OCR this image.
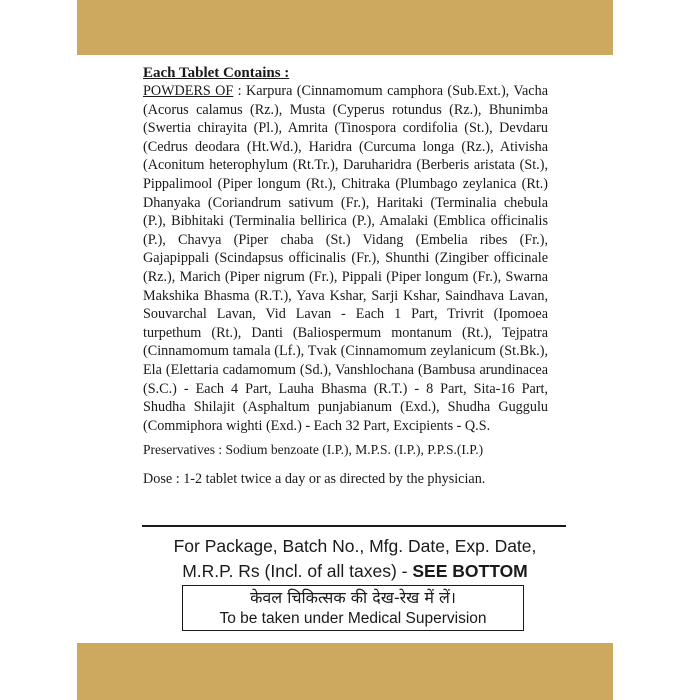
Each Tablet Contains :

POWDERS OF : Karpura (Cinnamomum camphora (Sub.Ext.), Vacha (Acorus calamus (Rz.), Musta (Cyperus rotundus (Rz.), Bhunimba (Swertia chirayita (Pl.), Amrita (Tinospora cordifolia (St.), Devdaru (Cedrus deodara (Ht.Wd.), Haridra (Curcuma longa (Rz.), Ativisha (Aconitum heterophylum (Rt.Tr.), Daruharidra (Berberis aristata (St.), Pippalimool (Piper longum (Rt.), Chitraka (Plumbago zeylanica (Rt.) Dhanyaka (Coriandrum sativum (Fr.), Haritaki (Terminalia chebula (P.), Bibhitaki (Terminalia bellirica (P.), Amalaki (Emblica officinalis (P.), Chavya (Piper chaba (St.) Vidang (Embelia ribes (Fr.), Gajapippali (Scindapsus officinalis (Fr.), Shunthi (Zingiber officinale (Rz.), Marich (Piper nigrum (Fr.), Pippali (Piper longum (Fr.), Swarna Makshika Bhasma (R.T.), Yava Kshar, Sarji Kshar, Saindhava Lavan, Souvarchal Lavan, Vid Lavan - Each 1 Part, Trivrit (Ipomoea turpethum (Rt.), Danti (Baliospermum montanum (Rt.), Tejpatra (Cinnamomum tamala (Lf.), Tvak (Cinnamomum zeylanicum (St.Bk.), Ela (Elettaria cadamomum (Sd.), Vanshlochana (Bambusa arundinacea (S.C.) - Each 4 Part, Lauha Bhasma (R.T.) - 8 Part, Sita-16 Part, Shudha Shilajit (Asphaltum punjabianum (Exd.), Shudha Guggulu (Commiphora wighti (Exd.) - Each 32 Part, Excipients - Q.S.

Preservatives : Sodium benzoate (I.P.), M.P.S. (I.P.), P.P.S.(I.P.)
Dose : 1-2 tablet twice a day or as directed by the physician.
For Package, Batch No., Mfg. Date, Exp. Date,
M.R.P. Rs (Incl. of all taxes) - SEE BOTTOM
केवल चिकित्सक की देख-रेख में लें।
To be taken under Medical Supervision
